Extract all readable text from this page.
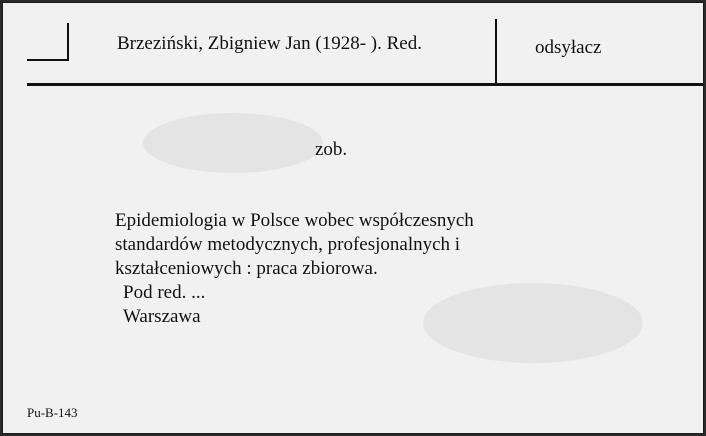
Brzeziński, Zbigniew Jan (1928- ). Red.	odsyłacz
zob.
Epidemiologia w Polsce wobec współczesnych
standardów metodycznych, profesjonalnych i
kształceniowych : praca zbiorowa.
Pod red. ...
Warszawa
Pu-B-143
